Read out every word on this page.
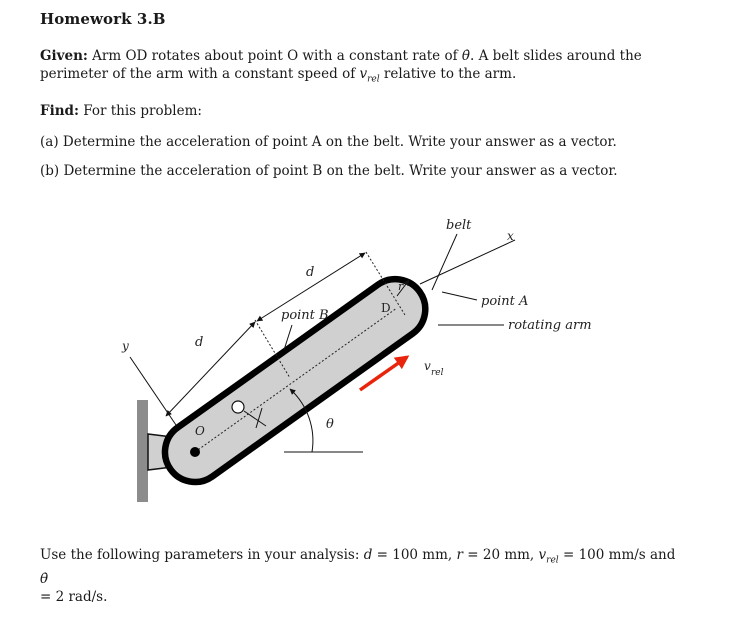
Homework 3.B
Given: Arm OD rotates about point O with a constant rate of θ̇. A belt slides around the perimeter of the arm with a constant speed of $v_{rel}$ relative to the arm.
Find: For this problem:
(a) Determine the acceleration of point A on the belt. Write your answer as a vector.
(b) Determine the acceleration of point B on the belt. Write your answer as a vector.
belt
x
y
d
d
r
D
point B
point A
rotating arm
v rel
O	θ
Use the following parameters in your analysis: d = 100 mm, r = 20 mm, $v_{rel} = 100$ mm/s and θ̇
= 2 rad/s.
